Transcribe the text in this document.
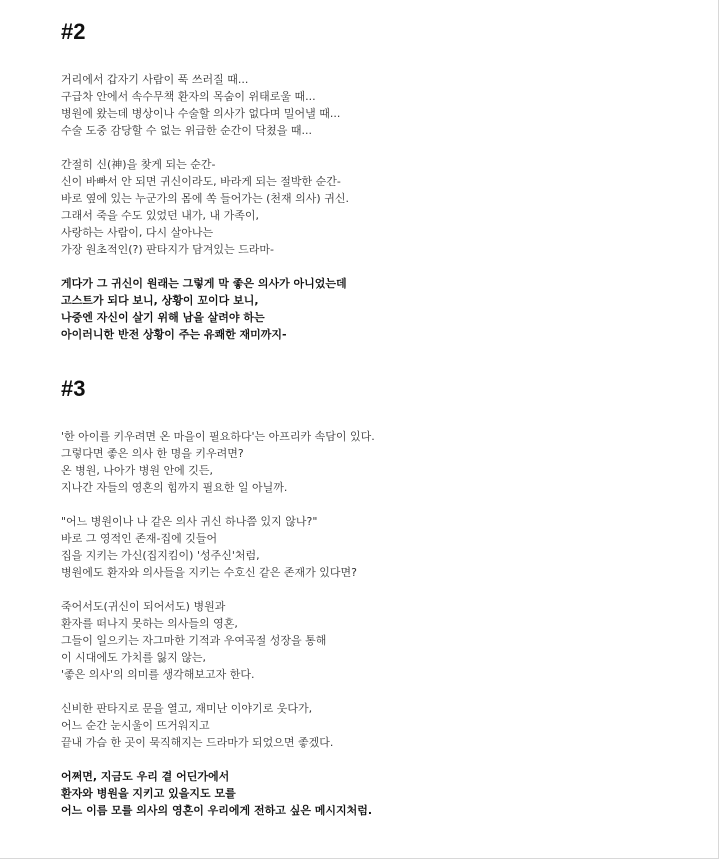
#2
거리에서 갑자기 사람이 푹 쓰러질 때...
구급차 안에서 속수무책 환자의 목숨이 위태로울 때...
병원에 왔는데 병상이나 수술할 의사가 없다며 밀어낼 때...
수술 도중 감당할 수 없는 위급한 순간이 닥쳤을 때...
간절히 신(神)을 찾게 되는 순간-
신이 바빠서 안 되면 귀신이라도, 바라게 되는 절박한 순간-
바로 옆에 있는 누군가의 몸에 쏙 들어가는 (천재 의사) 귀신.
그래서 죽을 수도 있었던 내가, 내 가족이,
사랑하는 사람이, 다시 살아나는
가장 원초적인(?) 판타지가 담겨있는 드라마-
게다가 그 귀신이 원래는 그렇게 막 좋은 의사가 아니었는데
고스트가 되다 보니, 상황이 꼬이다 보니,
나중엔 자신이 살기 위해 남을 살려야 하는
아이러니한 반전 상황이 주는 유쾌한 재미까지-
#3
'한 아이를 키우려면 온 마을이 필요하다'는 아프리카 속담이 있다.
그렇다면 좋은 의사 한 명을 키우려면?
온 병원, 나아가 병원 안에 깃든,
지나간 자들의 영혼의 힘까지 필요한 일 아닐까.
"어느 병원이나 나 같은 의사 귀신 하나쯤 있지 않나?"
바로 그 영적인 존재-집에 깃들어
집을 지키는 가신(집지킴이) '성주신'처럼,
병원에도 환자와 의사들을 지키는 수호신 같은 존재가 있다면?
죽어서도(귀신이 되어서도) 병원과
환자를 떠나지 못하는 의사들의 영혼,
그들이 일으키는 자그마한 기적과 우여곡절 성장을 통해
이 시대에도 가치를 잃지 않는,
'좋은 의사'의 의미를 생각해보고자 한다.
신비한 판타지로 문을 열고, 재미난 이야기로 웃다가,
어느 순간 눈시울이 뜨거워지고
끝내 가슴 한 곳이 묵직해지는 드라마가 되었으면 좋겠다.
어쩌면, 지금도 우리 곁 어딘가에서
환자와 병원을 지키고 있을지도 모를
어느 이름 모를 의사의 영혼이 우리에게 전하고 싶은 메시지처럼.
